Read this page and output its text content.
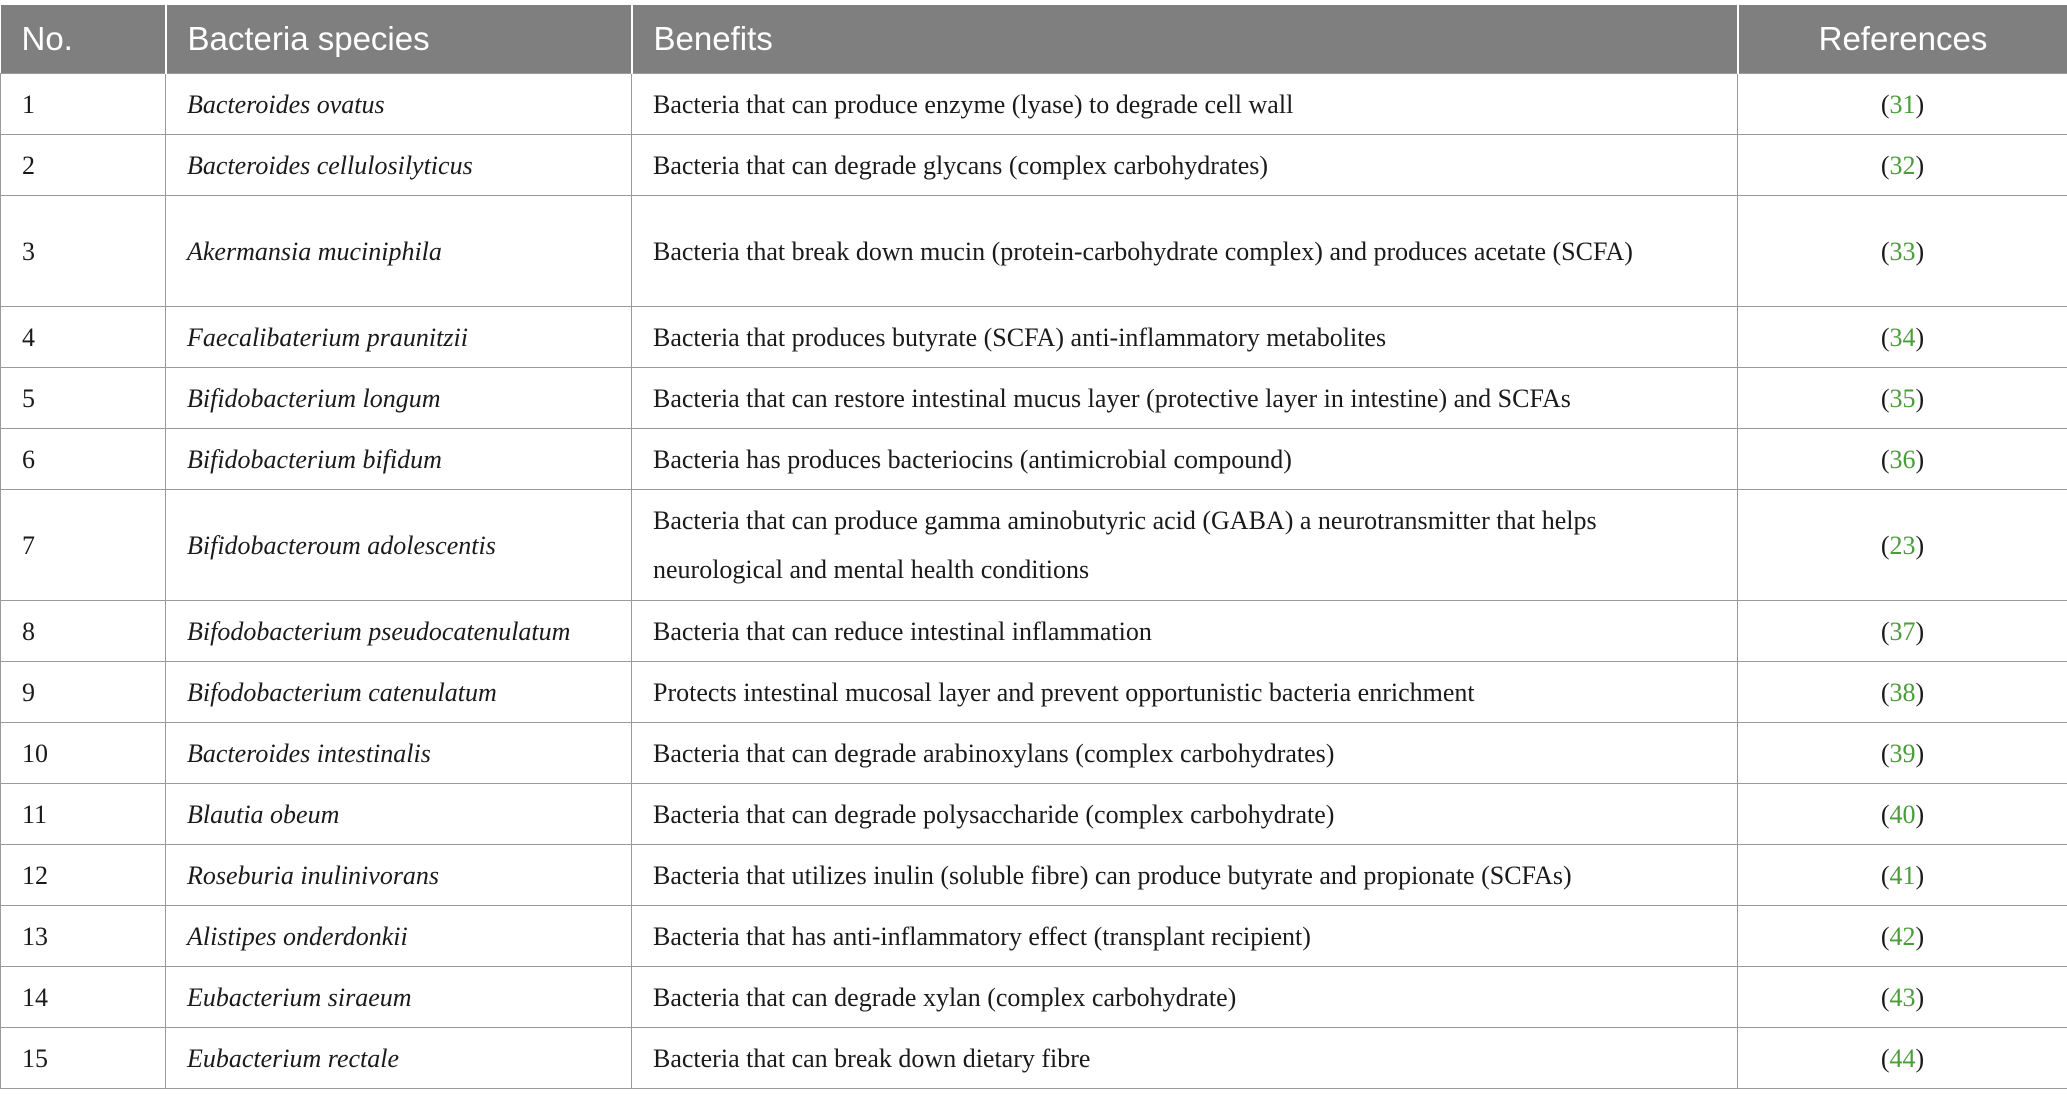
No.	Bacteria species	Benefits	References
1	Bacteroides ovatus	Bacteria that can produce enzyme (lyase) to degrade cell wall	(31)
2	Bacteroides cellulosilyticus	Bacteria that can degrade glycans (complex carbohydrates)	(32)
3	Akermansia muciniphila	Bacteria that break down mucin (protein-carbohydrate complex) and produces acetate (SCFA)	(33)
4	Faecalibaterium praunitzii	Bacteria that produces butyrate (SCFA) anti-inflammatory metabolites	(34)
5	Bifidobacterium longum	Bacteria that can restore intestinal mucus layer (protective layer in intestine) and SCFAs	(35)
6	Bifidobacterium bifidum	Bacteria has produces bacteriocins (antimicrobial compound)	(36)
7	Bifidobacteroum adolescentis	Bacteria that can produce gamma aminobutyric acid (GABA) a neurotransmitter that helps neurological and mental health conditions	(23)
8	Bifodobacterium pseudocatenulatum	Bacteria that can reduce intestinal inflammation	(37)
9	Bifodobacterium catenulatum	Protects intestinal mucosal layer and prevent opportunistic bacteria enrichment	(38)
10	Bacteroides intestinalis	Bacteria that can degrade arabinoxylans (complex carbohydrates)	(39)
11	Blautia obeum	Bacteria that can degrade polysaccharide (complex carbohydrate)	(40)
12	Roseburia inulinivorans	Bacteria that utilizes inulin (soluble fibre) can produce butyrate and propionate (SCFAs)	(41)
13	Alistipes onderdonkii	Bacteria that has anti-inflammatory effect (transplant recipient)	(42)
14	Eubacterium siraeum	Bacteria that can degrade xylan (complex carbohydrate)	(43)
15	Eubacterium rectale	Bacteria that can break down dietary fibre	(44)
